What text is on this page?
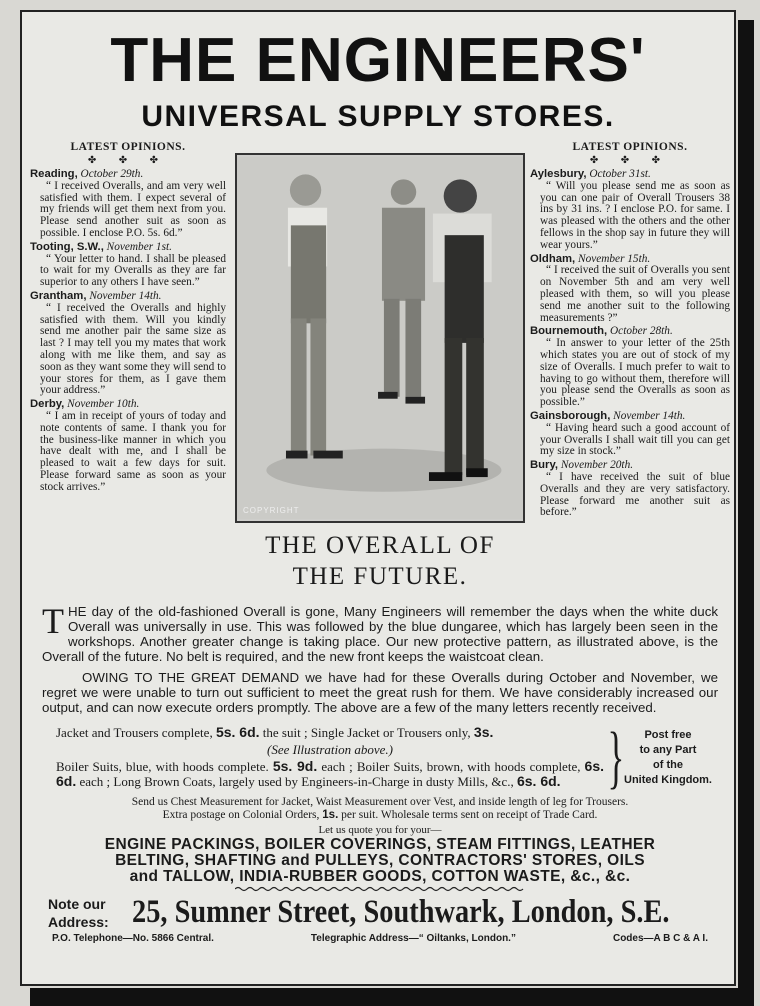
THE ENGINEERS'
UNIVERSAL SUPPLY STORES.
LATEST OPINIONS.
✤ ✤ ✤
Reading, October 29th.
“ I received Overalls, and am very well satisfied with them. I expect several of my friends will get them next from you. Please send another suit as soon as possible. I enclose P.O. 5s. 6d.”
Tooting, S.W., November 1st.
“ Your letter to hand. I shall be pleased to wait for my Overalls as they are far superior to any others I have seen.”
Grantham, November 14th.
“ I received the Overalls and highly satisfied with them. Will you kindly send me another pair the same size as last ? I may tell you my mates that work along with me like them, and say as soon as they want some they will send to your stores for them, as I gave them your address.”
Derby, November 10th.
“ I am in receipt of yours of today and note contents of same. I thank you for the business-like manner in which you have dealt with me, and I shall be pleased to wait a few days for suit. Please forward same as soon as your stock arrives.”
COPYRIGHT
THE OVERALL OF
THE FUTURE.
LATEST OPINIONS.
✤ ✤ ✤
Aylesbury, October 31st.
“ Will you please send me as soon as you can one pair of Overall Trousers 38 ins by 31 ins. ? I enclose P.O. for same. I was pleased with the others and the other fellows in the shop say in future they will wear yours.”
Oldham, November 15th.
“ I received the suit of Overalls you sent on November 5th and am very well pleased with them, so will you please send me another suit to the following measurements ?”
Bournemouth, October 28th.
“ In answer to your letter of the 25th which states you are out of stock of my size of Overalls. I much prefer to wait to having to go without them, therefore will you please send the Overalls as soon as possible.”
Gainsborough, November 14th.
“ Having heard such a good account of your Overalls I shall wait till you can get my size in stock.”
Bury, November 20th.
“ I have received the suit of blue Overalls and they are very satisfactory. Please forward me another suit as before.”

THE day of the old-fashioned Overall is gone, Many Engineers will remember the days when the white duck Overall was universally in use. This was followed by the blue dungaree, which has largely been seen in the workshops. Another greater change is taking place. Our new protective pattern, as illustrated above, is the Overall of the future. No belt is required, and the new front keeps the waistcoat clean.

OWING TO THE GREAT DEMAND we have had for these Overalls during October and November, we regret we were unable to turn out sufficient to meet the great rush for them. We have considerably increased our output, and can now execute orders promptly. The above are a few of the many letters recently received.

Jacket and Trousers complete, 5s. 6d. the suit ; Single Jacket or Trousers only, 3s.

(See Illustration above.)

Boiler Suits, blue, with hoods complete. 5s. 9d. each ; Boiler Suits, brown, with hoods complete, 6s. 6d. each ; Long Brown Coats, largely used by Engineers-in-Charge in dusty Mills, &c., 6s. 6d. }	Post free
to any Part
of the
United Kingdom.
Send us Chest Measurement for Jacket, Waist Measurement over Vest, and inside length of leg for Trousers.
Extra postage on Colonial Orders, 1s. per suit. Wholesale terms sent on receipt of Trade Card.
Let us quote you for your—
ENGINE PACKINGS, BOILER COVERINGS, STEAM FITTINGS, LEATHER
BELTING, SHAFTING and PULLEYS, CONTRACTORS' STORES, OILS
and TALLOW, INDIA-RUBBER GOODS, COTTON WASTE, &c., &c.
Note our
Address: 25, Sumner Street, Southwark, London, S.E.
P.O. Telephone—No. 5866 Central.	Telegraphic Address—“ Oiltanks, London.”	Codes—A B C & A I.
